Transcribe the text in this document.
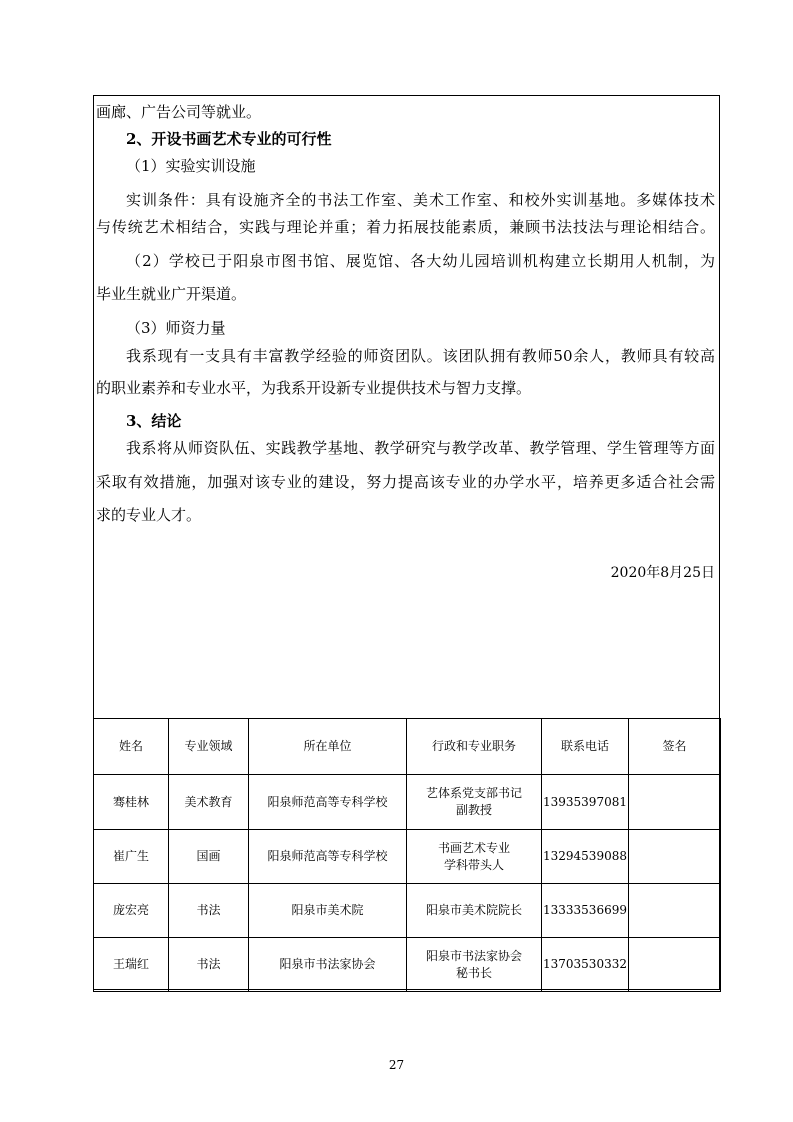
画廊、广告公司等就业。
2、开设书画艺术专业的可行性
（1）实验实训设施
实训条件：具有设施齐全的书法工作室、美术工作室、和校外实训基地。多媒体技术
与传统艺术相结合，实践与理论并重；着力拓展技能素质，兼顾书法技法与理论相结合。
（2）学校已于阳泉市图书馆、展览馆、各大幼儿园培训机构建立长期用人机制，为
毕业生就业广开渠道。
（3）师资力量
我系现有一支具有丰富教学经验的师资团队。该团队拥有教师50余人，教师具有较高
的职业素养和专业水平，为我系开设新专业提供技术与智力支撑。
3、结论
我系将从师资队伍、实践教学基地、教学研究与教学改革、教学管理、学生管理等方面
采取有效措施，加强对该专业的建设，努力提高该专业的办学水平，培养更多适合社会需
求的专业人才。
2020年8月25日
姓名	专业领域	所在单位	行政和专业职务	联系电话	签名
骞桂林	美术教育	阳泉师范高等专科学校	艺体系党支部书记
副教授	13935397081	
崔广生	国画	阳泉师范高等专科学校	书画艺术专业
学科带头人	13294539088	
庞宏亮	书法	阳泉市美术院	阳泉市美术院院长	13333536699	
王瑞红	书法	阳泉市书法家协会	阳泉市书法家协会
秘书长	13703530332	
27
